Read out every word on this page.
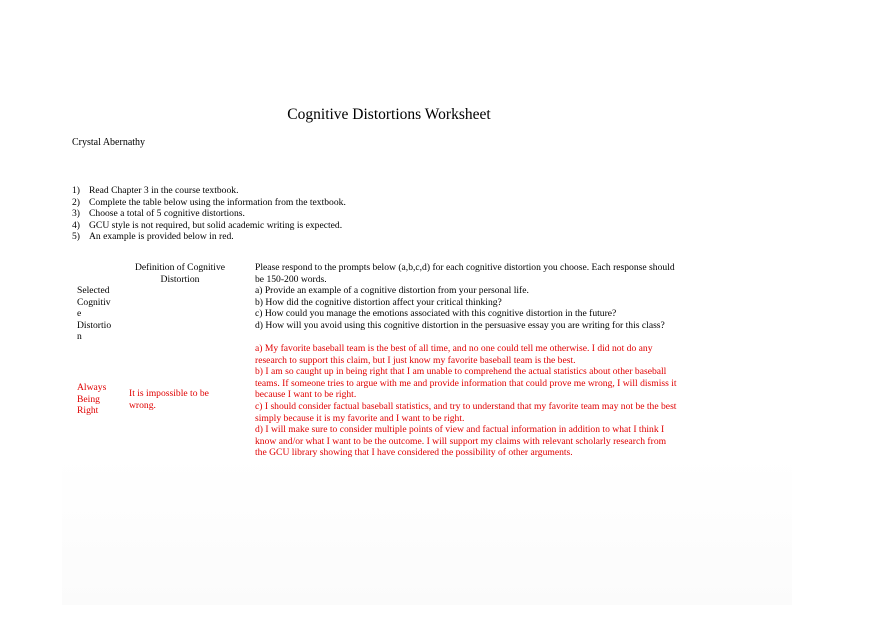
Cognitive Distortions Worksheet
Crystal Abernathy
1) Read Chapter 3 in the course textbook.
2) Complete the table below using the information from the textbook.
3) Choose a total of 5 cognitive distortions.
4) GCU style is not required, but solid academic writing is expected.
5) An example is provided below in red.
Selected
Cognitiv
e
Distortio
n
Definition of Cognitive Distortion

Please respond to the prompts below (a,b,c,d) for each cognitive distortion you choose. Each response should be 150-200 words.

a) Provide an example of a cognitive distortion from your personal life.

b) How did the cognitive distortion affect your critical thinking?

c) How could you manage the emotions associated with this cognitive distortion in the future?

d) How will you avoid using this cognitive distortion in the persuasive essay you are writing for this class?

Always
Being
Right
It is impossible to be wrong.

a) My favorite baseball team is the best of all time, and no one could tell me otherwise. I did not do any research to support this claim, but I just know my favorite baseball team is the best.

b) I am so caught up in being right that I am unable to comprehend the actual statistics about other baseball teams. If someone tries to argue with me and provide information that could prove me wrong, I will dismiss it because I want to be right.

c) I should consider factual baseball statistics, and try to understand that my favorite team may not be the best simply because it is my favorite and I want to be right.

d) I will make sure to consider multiple points of view and factual information in addition to what I think I know and/or what I want to be the outcome. I will support my claims with relevant scholarly research from the GCU library showing that I have considered the possibility of other arguments.
